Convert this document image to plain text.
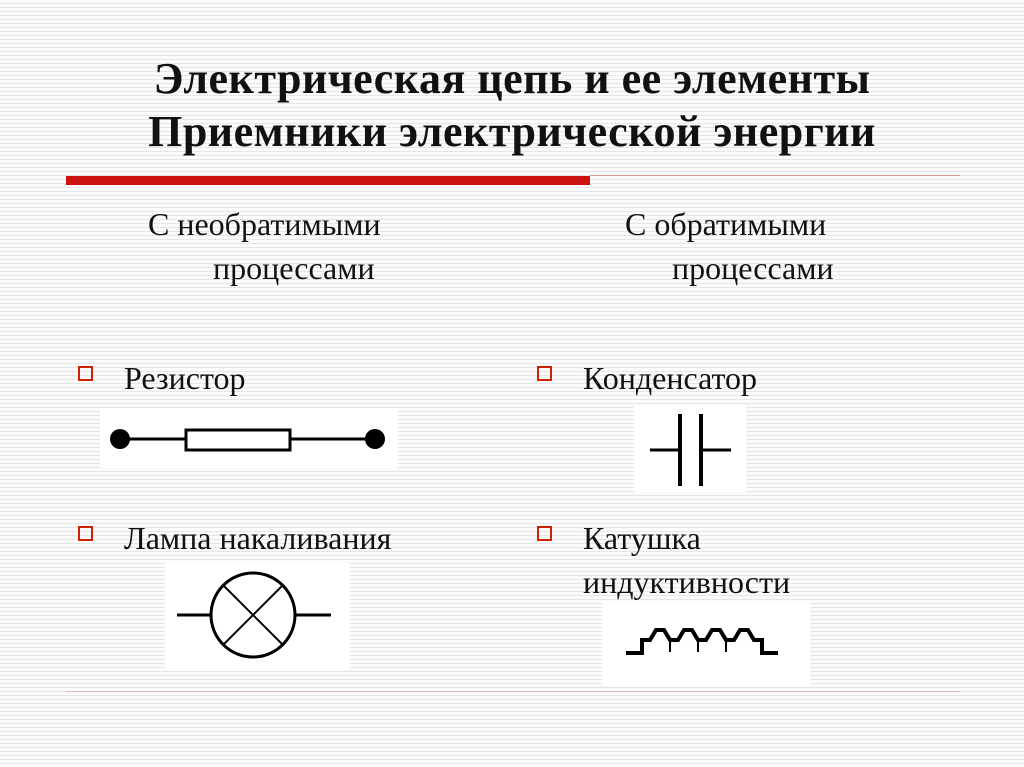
Электрическая цепь и ее элементы
Приемники электрической энергии
С необратимыми
процессами
С обратимыми
процессами
Резистор
Лампа накаливания
Конденсатор
Катушка
индуктивности
